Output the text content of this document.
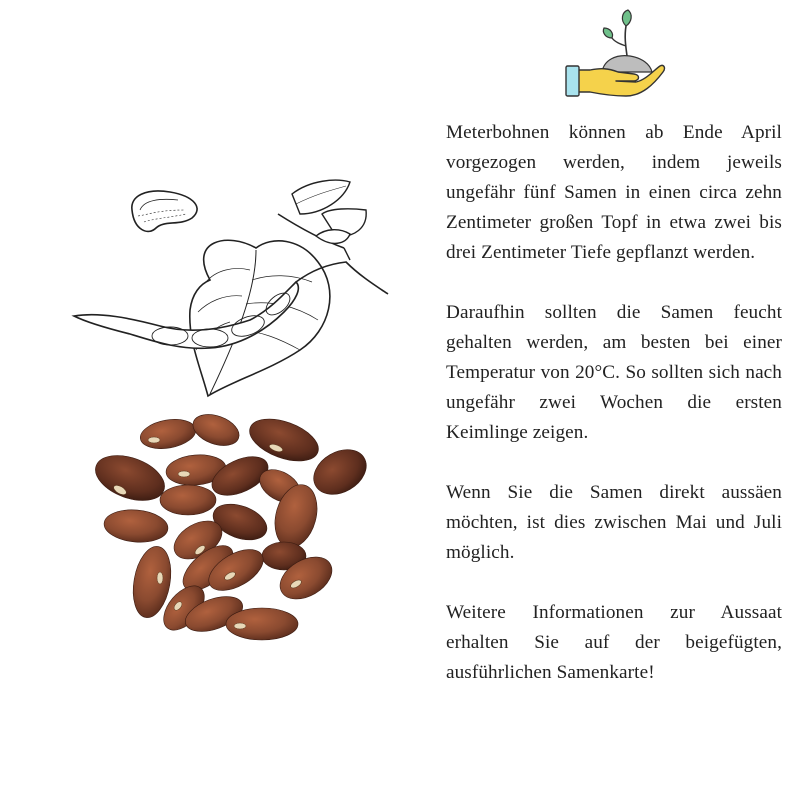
Meterbohnen können ab Ende April vorgezogen werden, indem jeweils ungefähr fünf Samen in einen circa zehn Zentimeter großen Topf in etwa zwei bis drei Zentimeter Tiefe gepflanzt werden.

Daraufhin sollten die Samen feucht gehalten werden, am besten bei einer Temperatur von 20°C. So sollten sich nach ungefähr zwei Wochen die ersten Keimlinge zeigen.

Wenn Sie die Samen direkt aussäen möchten, ist dies zwischen Mai und Juli möglich.

Weitere Informationen zur Aussaat erhalten Sie auf der beigefügten, ausführlichen Samenkarte!
